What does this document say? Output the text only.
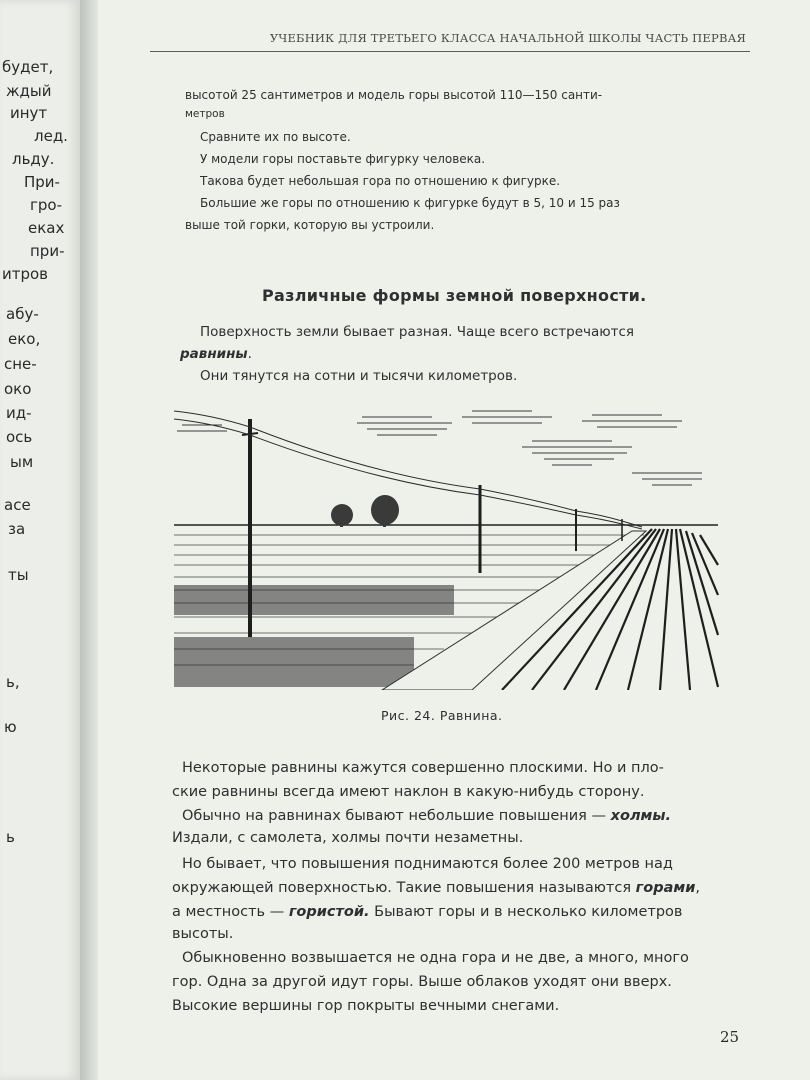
будет,
ждый
инут
лед.
льду.
При-
гро-
еках
при-
итров
абу-
еко,
сне-
око
ид-
ось
ым
асе
за
ты
ь,
ю
ь
УЧЕБНИК ДЛЯ ТРЕТЬЕГО КЛАССА НАЧАЛЬНОЙ ШКОЛЫ ЧАСТЬ ПЕРВАЯ
высотой 25 сантиметров и модель горы высотой 110—150 санти-
метров
Сравните их по высоте.
У модели горы поставьте фигурку человека.
Такова будет небольшая гора по отношению к фигурке.
Большие же горы по отношению к фигурке будут в 5, 10 и 15 раз
выше той горки, которую вы устроили.
Различные формы земной поверхности.
Поверхность земли бывает разная. Чаще всего встречаются
равнины.
Они тянутся на сотни и тысячи километров.
Рис. 24. Равнина.
Некоторые равнины кажутся совершенно плоскими. Но и пло-
ские равнины всегда имеют наклон в какую-нибудь сторону.
Обычно на равнинах бывают небольшие повышения — холмы.
Издали, с самолета, холмы почти незаметны.
Но бывает, что повышения поднимаются более 200 метров над
окружающей поверхностью. Такие повышения называются горами,
а местность — гористой. Бывают горы и в несколько километров
высоты.
Обыкновенно возвышается не одна гора и не две, а много, много
гор. Одна за другой идут горы. Выше облаков уходят они вверх.
Высокие вершины гор покрыты вечными снегами.
25
